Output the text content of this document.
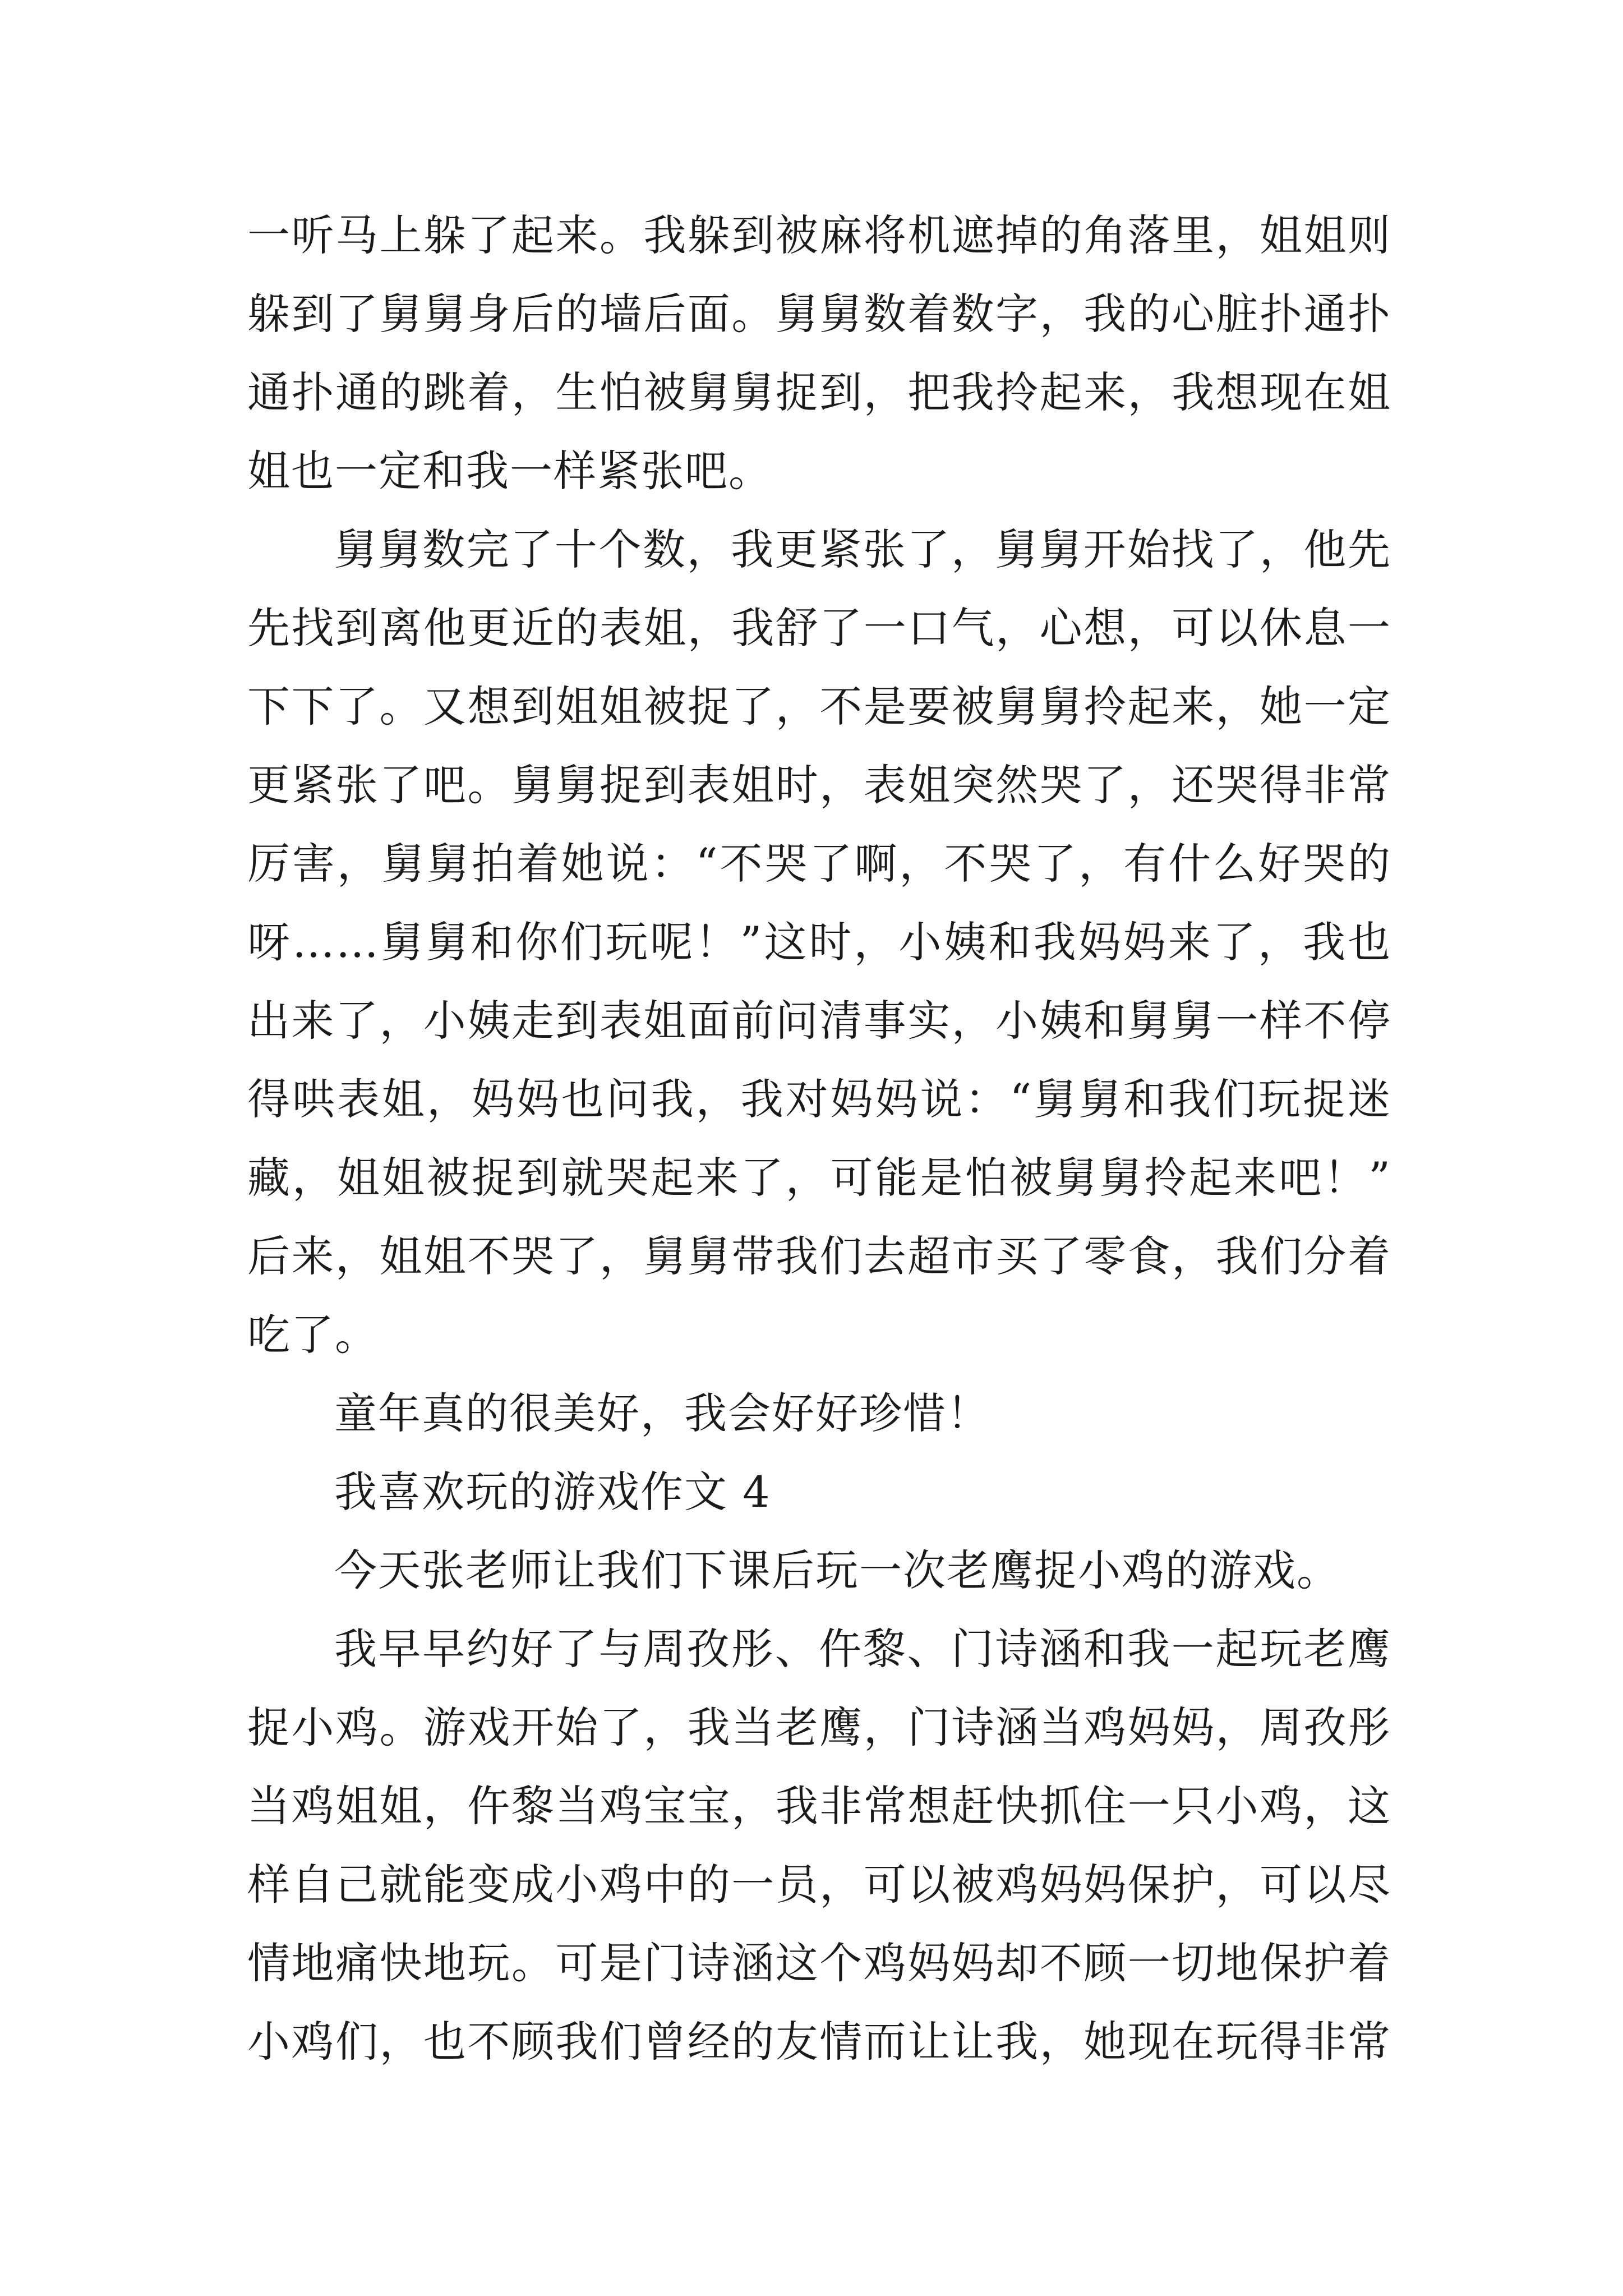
一听马上躲了起来。我躲到被麻将机遮掉的角落里，姐姐则
躲到了舅舅身后的墙后面。舅舅数着数字，我的心脏扑通扑
通扑通的跳着，生怕被舅舅捉到，把我拎起来，我想现在姐
姐也一定和我一样紧张吧。
舅舅数完了十个数，我更紧张了，舅舅开始找了，他先
先找到离他更近的表姐，我舒了一口气，心想，可以休息一
下下了。又想到姐姐被捉了，不是要被舅舅拎起来，她一定
更紧张了吧。舅舅捉到表姐时，表姐突然哭了，还哭得非常
厉害，舅舅拍着她说：“不哭了啊，不哭了，有什么好哭的
呀……舅舅和你们玩呢！”这时，小姨和我妈妈来了，我也
出来了，小姨走到表姐面前问清事实，小姨和舅舅一样不停
得哄表姐，妈妈也问我，我对妈妈说：“舅舅和我们玩捉迷
藏，姐姐被捉到就哭起来了，可能是怕被舅舅拎起来吧！”
后来，姐姐不哭了，舅舅带我们去超市买了零食，我们分着
吃了。
童年真的很美好，我会好好珍惜！
我喜欢玩的游戏作文 4
今天张老师让我们下课后玩一次老鹰捉小鸡的游戏。
我早早约好了与周孜彤、仵黎、门诗涵和我一起玩老鹰
捉小鸡。游戏开始了，我当老鹰，门诗涵当鸡妈妈，周孜彤
当鸡姐姐，仵黎当鸡宝宝，我非常想赶快抓住一只小鸡，这
样自己就能变成小鸡中的一员，可以被鸡妈妈保护，可以尽
情地痛快地玩。可是门诗涵这个鸡妈妈却不顾一切地保护着
小鸡们，也不顾我们曾经的友情而让让我，她现在玩得非常
